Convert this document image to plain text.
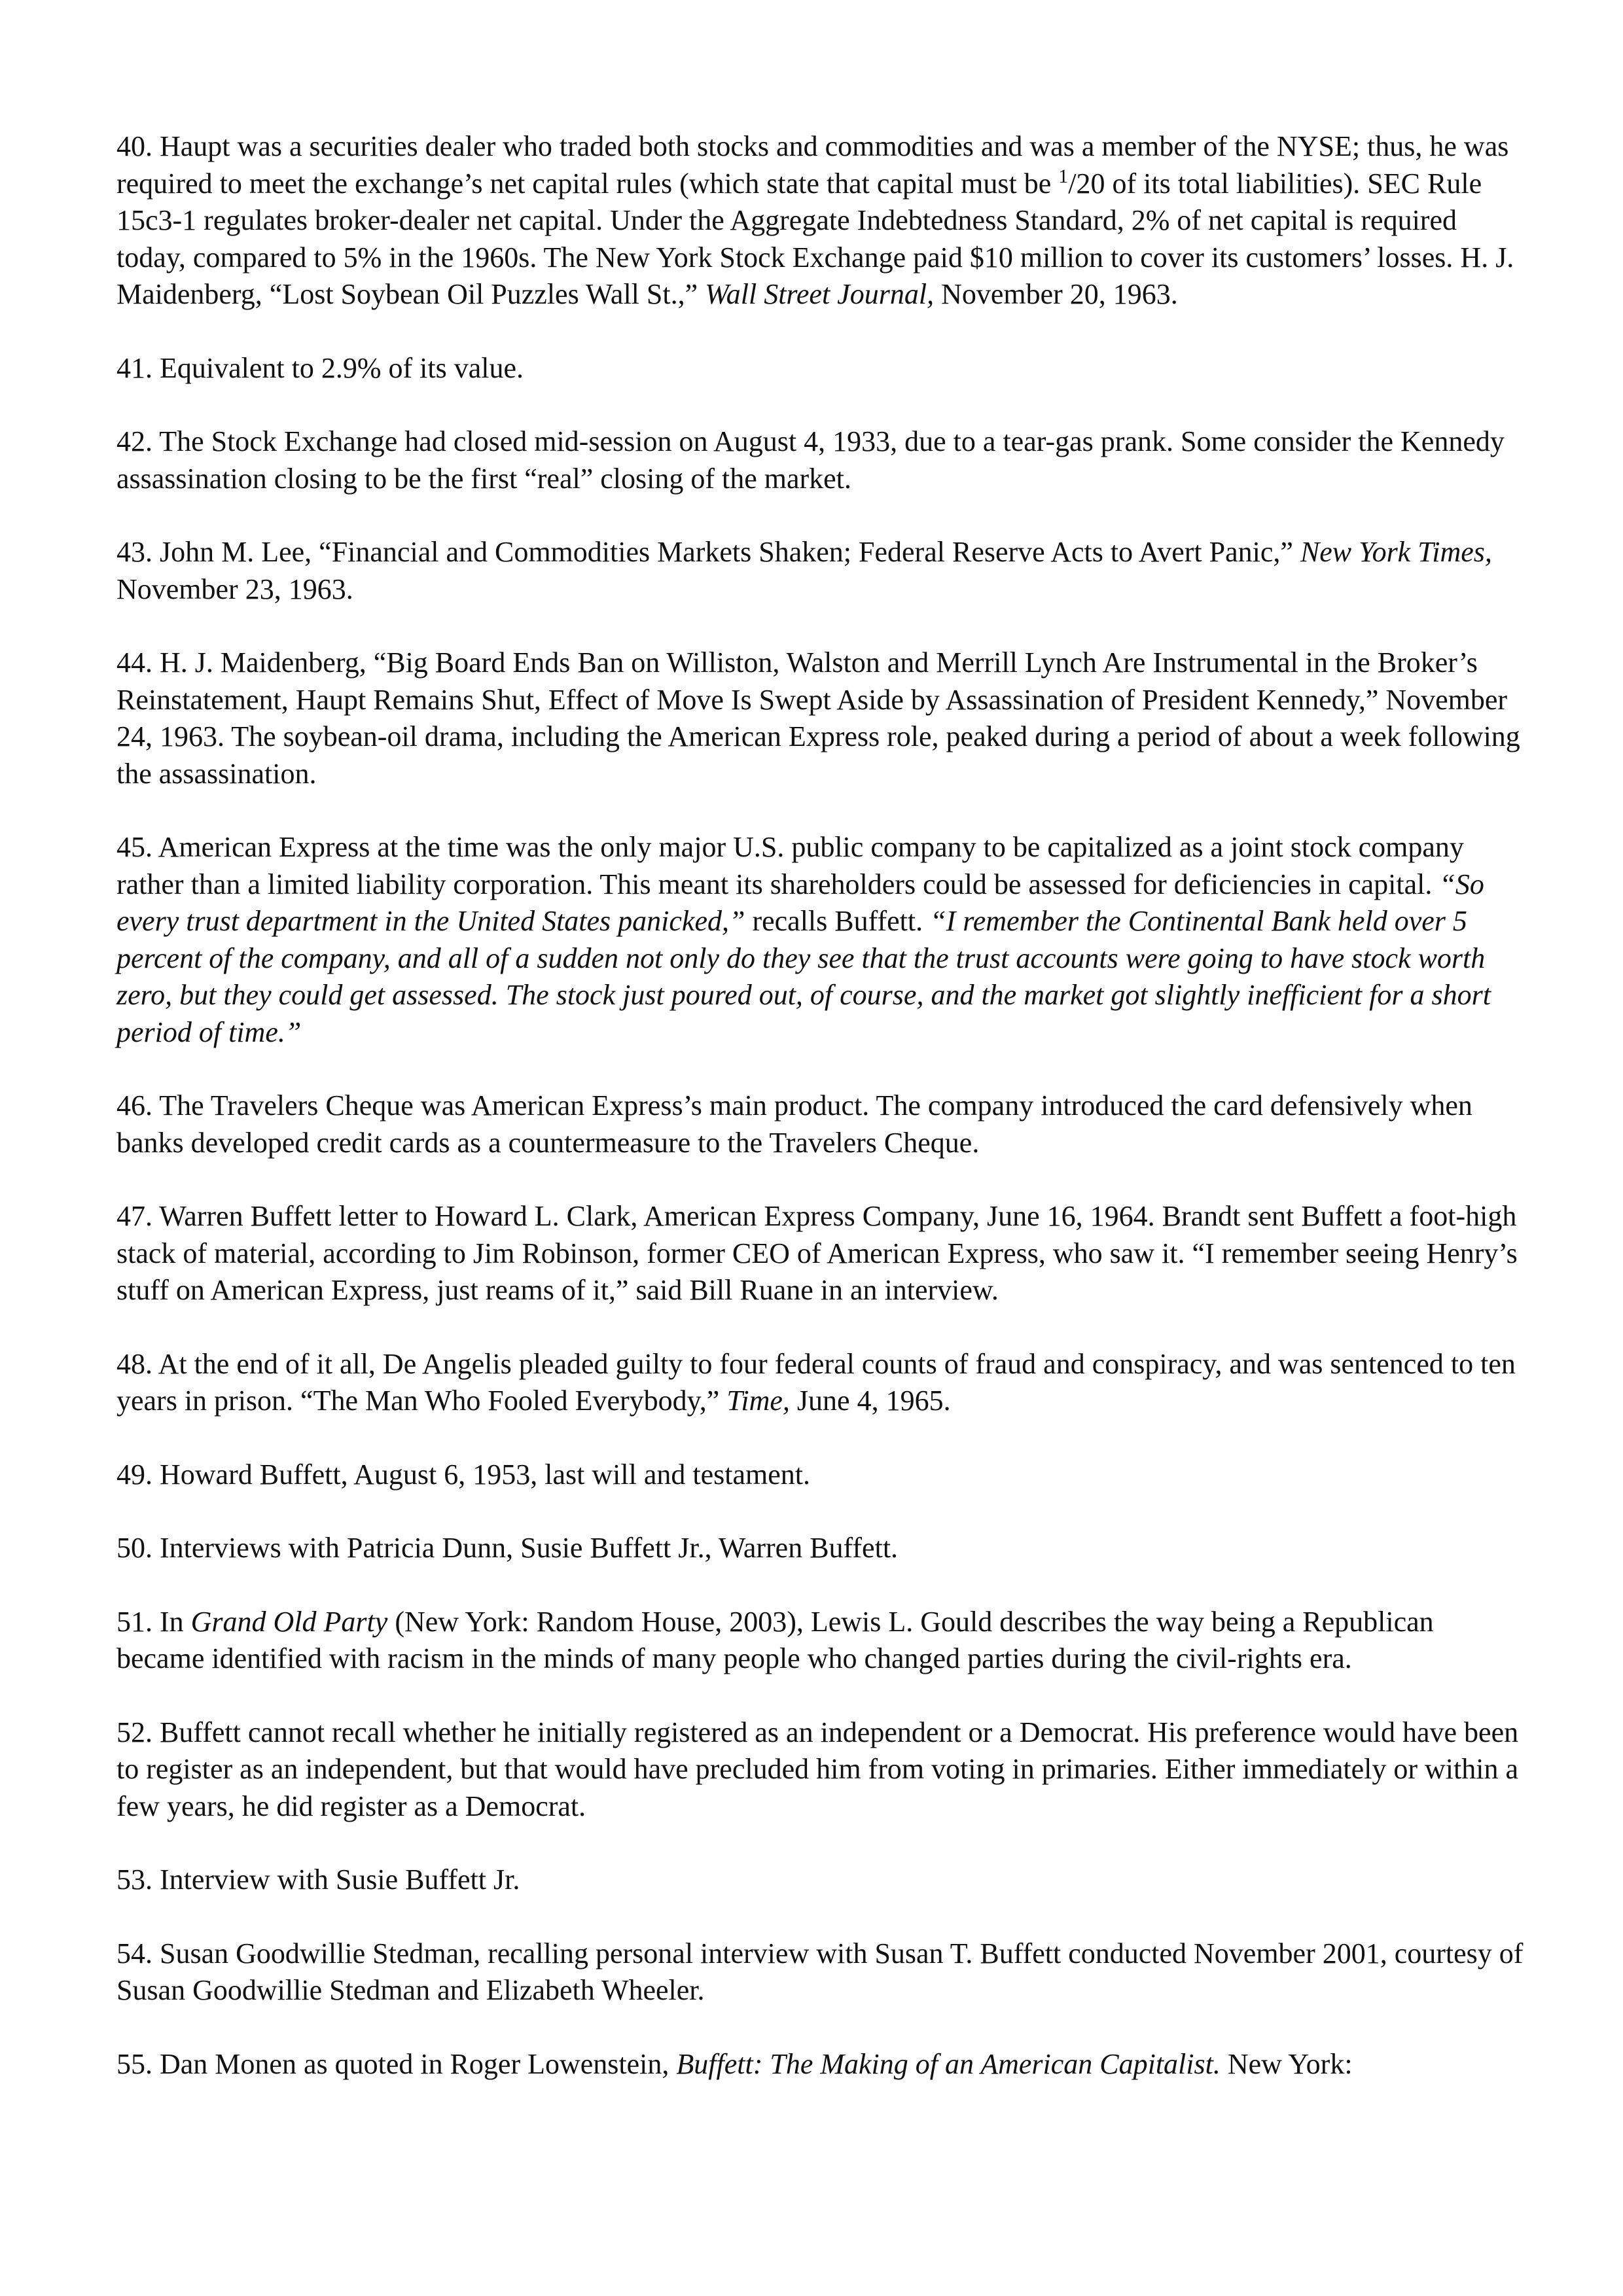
40. Haupt was a securities dealer who traded both stocks and commodities and was a member of the NYSE; thus, he was required to meet the exchange’s net capital rules (which state that capital must be $^1$/20 of its total liabilities). SEC Rule 15c3-1 regulates broker-dealer net capital. Under the Aggregate Indebtedness Standard, 2% of net capital is required today, compared to 5% in the 1960s. The New York Stock Exchange paid $10 million to cover its customers’ losses. H. J. Maidenberg, “Lost Soybean Oil Puzzles Wall St.,” Wall Street Journal, November 20, 1963.

41. Equivalent to 2.9% of its value.

42. The Stock Exchange had closed mid-session on August 4, 1933, due to a tear-gas prank. Some consider the Kennedy assassination closing to be the first “real” closing of the market.

43. John M. Lee, “Financial and Commodities Markets Shaken; Federal Reserve Acts to Avert Panic,” New York Times, November 23, 1963.

44. H. J. Maidenberg, “Big Board Ends Ban on Williston, Walston and Merrill Lynch Are Instrumental in the Broker’s Reinstatement, Haupt Remains Shut, Effect of Move Is Swept Aside by Assassination of President Kennedy,” November 24, 1963. The soybean-oil drama, including the American Express role, peaked during a period of about a week following the assassination.

45. American Express at the time was the only major U.S. public company to be capitalized as a joint stock company rather than a limited liability corporation. This meant its shareholders could be assessed for deficiencies in capital. “So every trust department in the United States panicked,” recalls Buffett. “I remember the Continental Bank held over 5 percent of the company, and all of a sudden not only do they see that the trust accounts were going to have stock worth zero, but they could get assessed. The stock just poured out, of course, and the market got slightly inefficient for a short period of time.”

46. The Travelers Cheque was American Express’s main product. The company introduced the card defensively when banks developed credit cards as a countermeasure to the Travelers Cheque.

47. Warren Buffett letter to Howard L. Clark, American Express Company, June 16, 1964. Brandt sent Buffett a foot-high stack of material, according to Jim Robinson, former CEO of American Express, who saw it. “I remember seeing Henry’s stuff on American Express, just reams of it,” said Bill Ruane in an interview.

48. At the end of it all, De Angelis pleaded guilty to four federal counts of fraud and conspiracy, and was sentenced to ten years in prison. “The Man Who Fooled Everybody,” Time, June 4, 1965.

49. Howard Buffett, August 6, 1953, last will and testament.

50. Interviews with Patricia Dunn, Susie Buffett Jr., Warren Buffett.

51. In Grand Old Party (New York: Random House, 2003), Lewis L. Gould describes the way being a Republican became identified with racism in the minds of many people who changed parties during the civil-rights era.

52. Buffett cannot recall whether he initially registered as an independent or a Democrat. His preference would have been to register as an independent, but that would have precluded him from voting in primaries. Either immediately or within a few years, he did register as a Democrat.

53. Interview with Susie Buffett Jr.

54. Susan Goodwillie Stedman, recalling personal interview with Susan T. Buffett conducted November 2001, courtesy of Susan Goodwillie Stedman and Elizabeth Wheeler.

55. Dan Monen as quoted in Roger Lowenstein, Buffett: The Making of an American Capitalist. New York:
